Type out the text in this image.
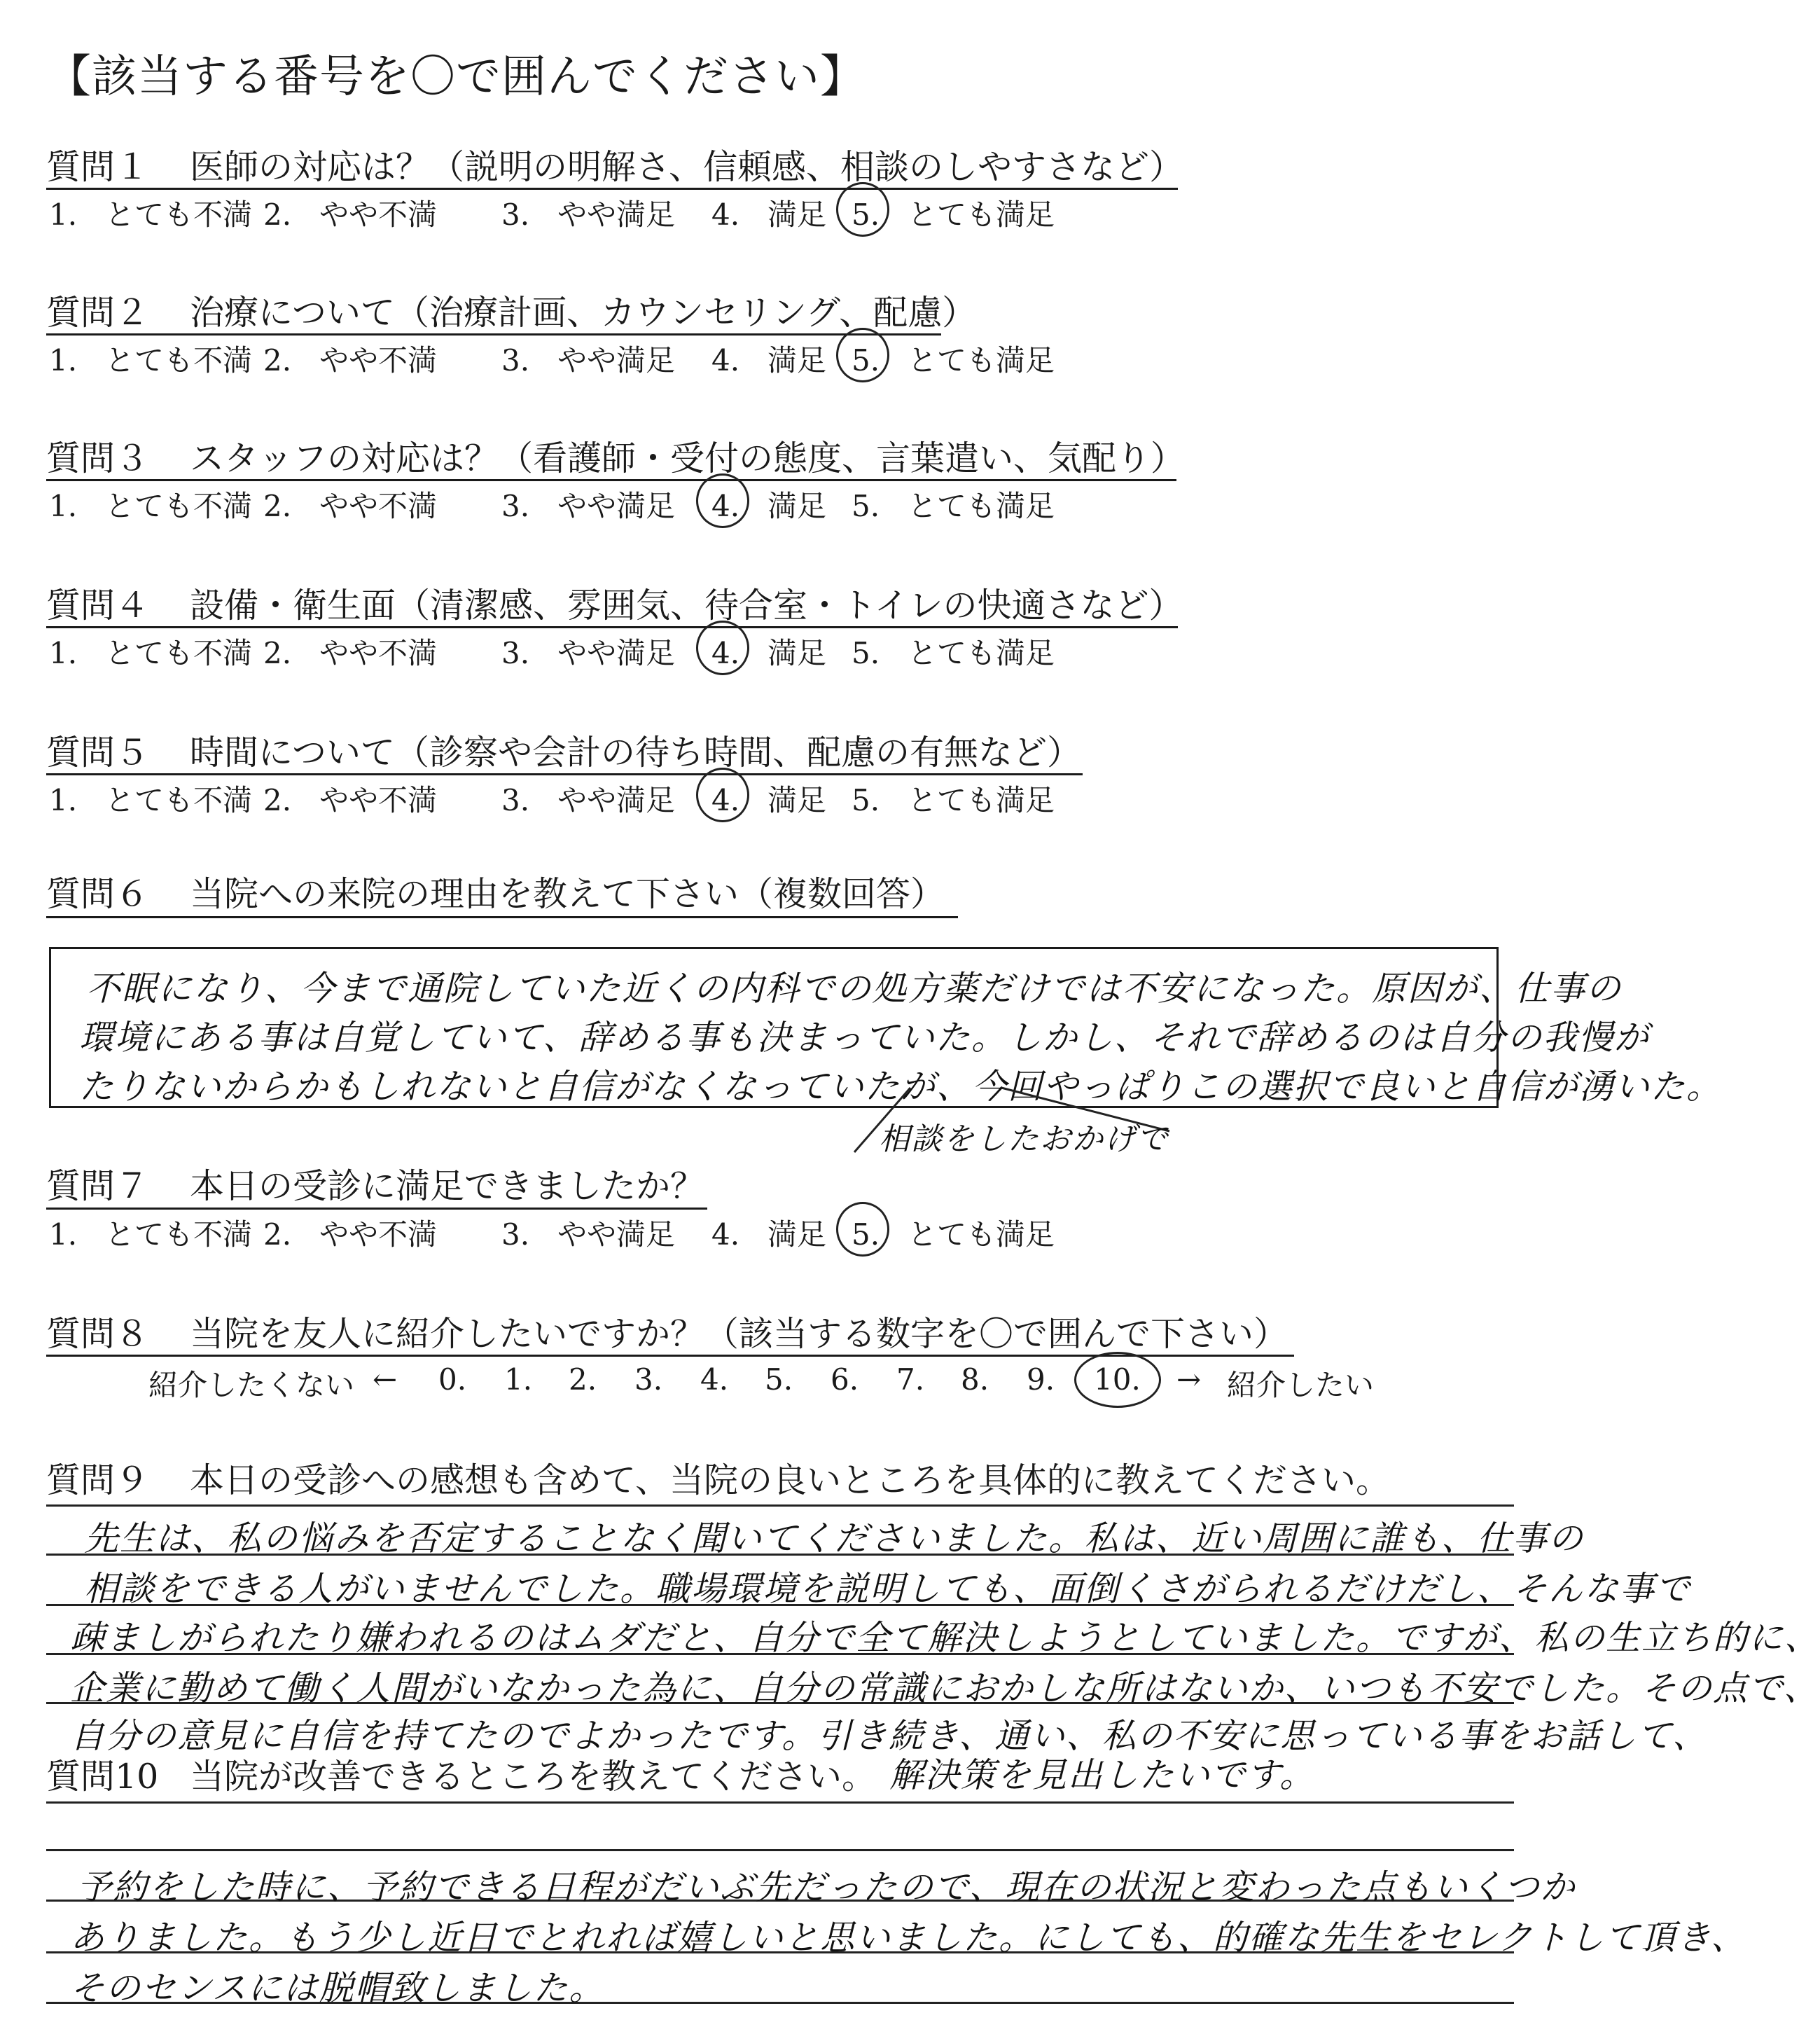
【該当する番号を〇で囲んでください】
質問１ 医師の対応は？（説明の明解さ、信頼感、相談のしやすさなど）
1. とても不満 2. やや不満 3. やや満足 4. 満足 5. とても満足
質問２ 治療について（治療計画、カウンセリング、配慮）
1. とても不満 2. やや不満 3. やや満足 4. 満足 5. とても満足
質問３ スタッフの対応は？（看護師・受付の態度、言葉遣い、気配り）
1. とても不満 2. やや不満 3. やや満足 4. 満足 5. とても満足
質問４ 設備・衛生面（清潔感、雰囲気、待合室・トイレの快適さなど）
1. とても不満 2. やや不満 3. やや満足 4. 満足 5. とても満足
質問５ 時間について（診察や会計の待ち時間、配慮の有無など）
1. とても不満 2. やや不満 3. やや満足 4. 満足 5. とても満足
質問６ 当院への来院の理由を教えて下さい（複数回答）
不眠になり、今まで通院していた近くの内科での処方薬だけでは不安になった。原因が、仕事の
環境にある事は自覚していて、辞める事も決まっていた。しかし、それで辞めるのは自分の我慢が
たりないからかもしれないと自信がなくなっていたが、今回やっぱりこの選択で良いと自信が湧いた。
相談をしたおかげで
質問７ 本日の受診に満足できましたか？
1. とても不満 2. やや不満 3. やや満足 4. 満足 5. とても満足
質問８ 当院を友人に紹介したいですか？（該当する数字を〇で囲んで下さい）
紹介したくない ← 0. 1. 2. 3. 4. 5. 6. 7. 8. 9. 10. → 紹介したい
質問９ 本日の受診への感想も含めて、当院の良いところを具体的に教えてください。
先生は、私の悩みを否定することなく聞いてくださいました。私は、近い周囲に誰も、仕事の
相談をできる人がいませんでした。職場環境を説明しても、面倒くさがられるだけだし、そんな事で
疎ましがられたり嫌われるのはムダだと、自分で全て解決しようとしていました。ですが、私の生立ち的に、
企業に勤めて働く人間がいなかった為に、自分の常識におかしな所はないか、いつも不安でした。その点で、
自分の意見に自信を持てたのでよかったです。引き続き、通い、私の不安に思っている事をお話して、
質問10 当院が改善できるところを教えてください。 解決策を見出したいです。
予約をした時に、予約できる日程がだいぶ先だったので、現在の状況と変わった点もいくつか
ありました。もう少し近日でとれれば嬉しいと思いました。にしても、的確な先生をセレクトして頂き、
そのセンスには脱帽致しました。
